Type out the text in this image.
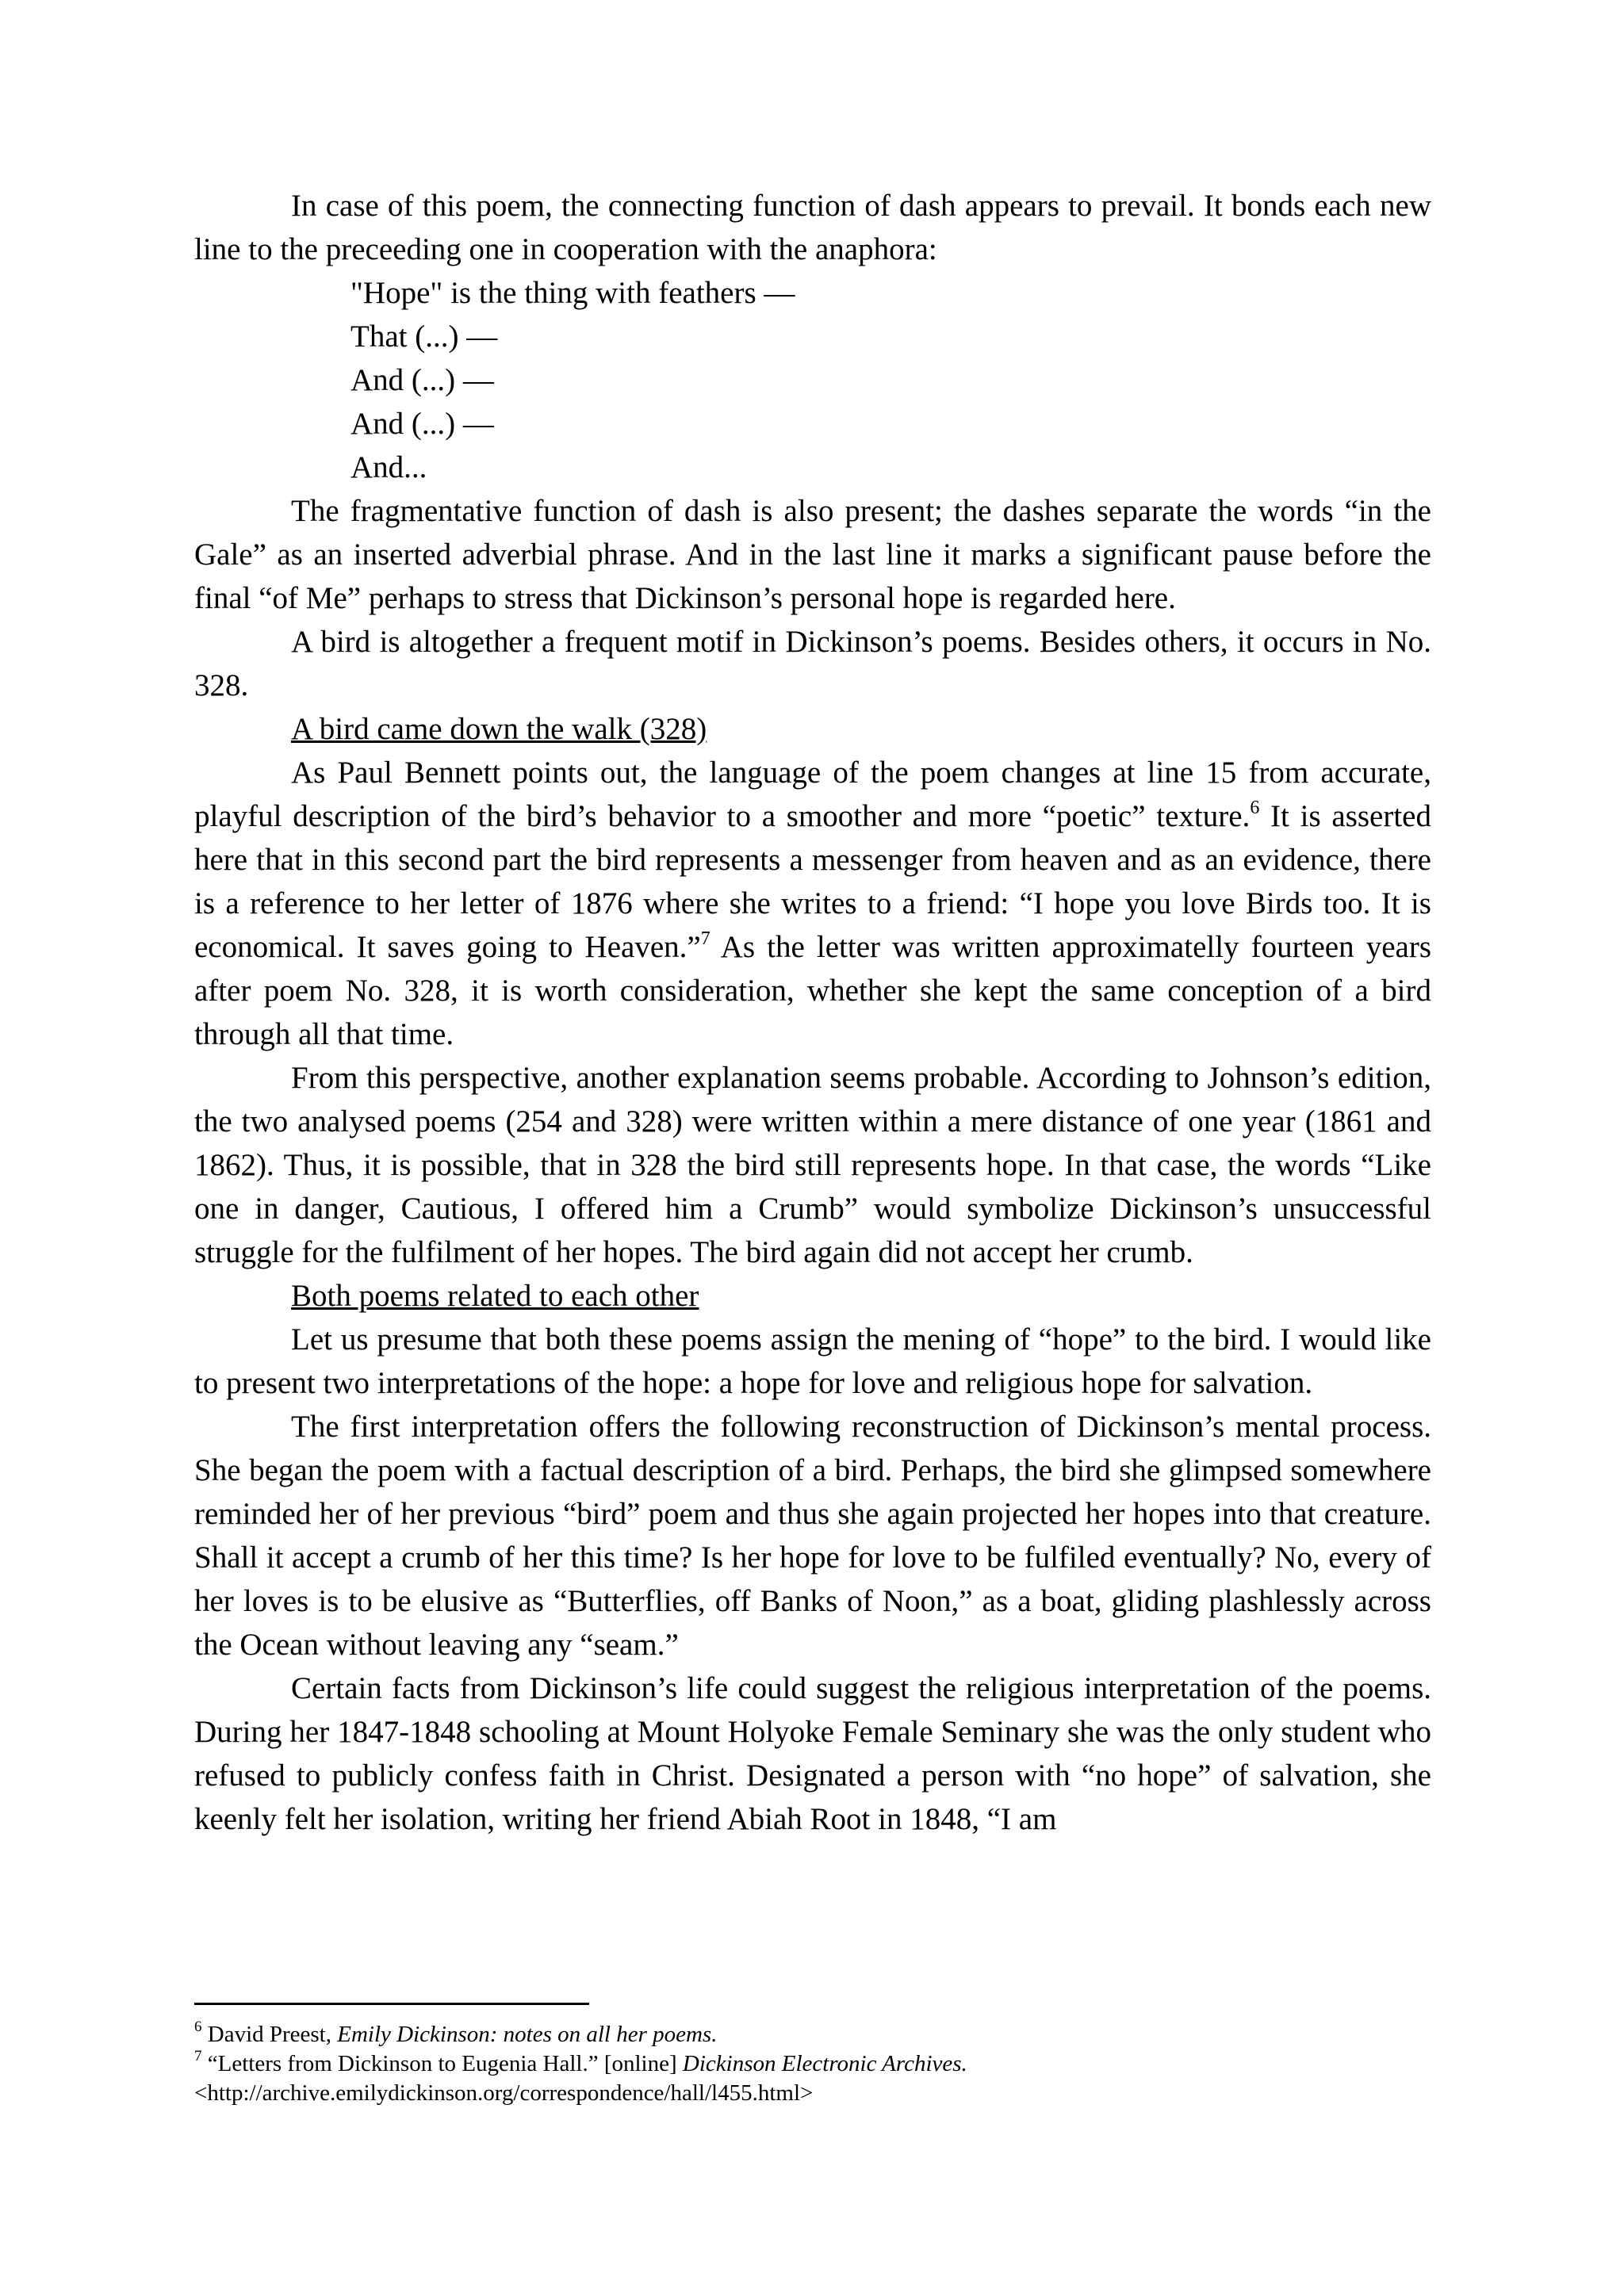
In case of this poem, the connecting function of dash appears to prevail. It bonds each new line to the preceeding one in cooperation with the anaphora:

"Hope" is the thing with feathers —

That (...) —

And (...) —

And (...) —

And...

The fragmentative function of dash is also present; the dashes separate the words “in the Gale” as an inserted adverbial phrase. And in the last line it marks a significant pause before the final “of Me” perhaps to stress that Dickinson’s personal hope is regarded here.

A bird is altogether a frequent motif in Dickinson’s poems. Besides others, it occurs in No. 328.

A bird came down the walk (328)

As Paul Bennett points out, the language of the poem changes at line 15 from accurate, playful description of the bird’s behavior to a smoother and more “poetic” texture.$^6$ It is asserted here that in this second part the bird represents a messenger from heaven and as an evidence, there is a reference to her letter of 1876 where she writes to a friend: “I hope you love Birds too. It is economical. It saves going to Heaven.”$^7$ As the letter was written approximatelly fourteen years after poem No. 328, it is worth consideration, whether she kept the same conception of a bird through all that time.

From this perspective, another explanation seems probable. According to Johnson’s edition, the two analysed poems (254 and 328) were written within a mere distance of one year (1861 and 1862). Thus, it is possible, that in 328 the bird still represents hope. In that case, the words “Like one in danger, Cautious, I offered him a Crumb” would symbolize Dickinson’s unsuccessful struggle for the fulfilment of her hopes. The bird again did not accept her crumb.

Both poems related to each other

Let us presume that both these poems assign the mening of “hope” to the bird. I would like to present two interpretations of the hope: a hope for love and religious hope for salvation.

The first interpretation offers the following reconstruction of Dickinson’s mental process. She began the poem with a factual description of a bird. Perhaps, the bird she glimpsed somewhere reminded her of her previous “bird” poem and thus she again projected her hopes into that creature. Shall it accept a crumb of her this time? Is her hope for love to be fulfiled eventually? No, every of her loves is to be elusive as “Butterflies, off Banks of Noon,” as a boat, gliding plashlessly across the Ocean without leaving any “seam.”

Certain facts from Dickinson’s life could suggest the religious interpretation of the poems. During her 1847-1848 schooling at Mount Holyoke Female Seminary she was the only student who refused to publicly confess faith in Christ. Designated a person with “no hope” of salvation, she keenly felt her isolation, writing her friend Abiah Root in 1848, “I am

$^6$ David Preest, Emily Dickinson: notes on all her poems.

$^7$ “Letters from Dickinson to Eugenia Hall.” [online] Dickinson Electronic Archives.

<http://archive.emilydickinson.org/correspondence/hall/l455.html>
